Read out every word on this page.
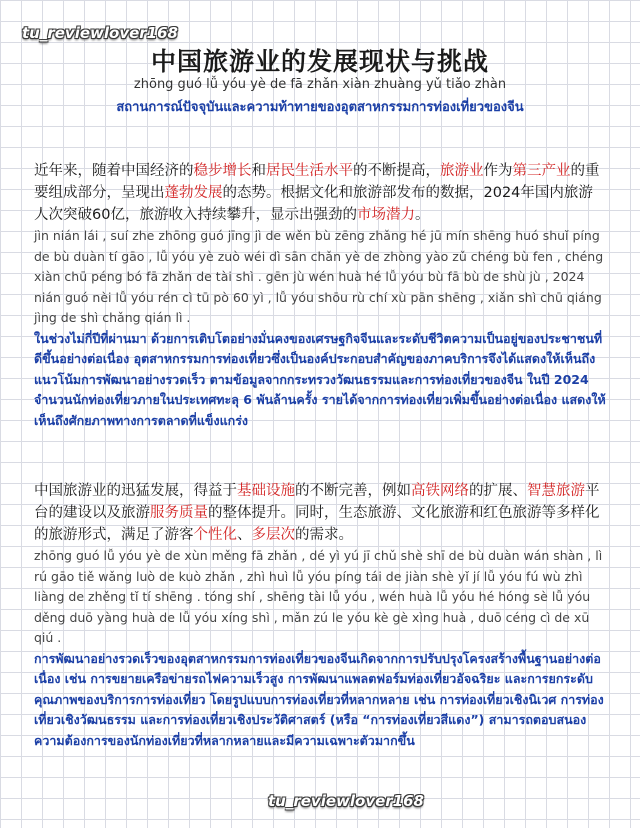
tu_reviewlover168
中国旅游业的发展现状与挑战
zhōng guó lǚ yóu yè de fā zhǎn xiàn zhuàng yǔ tiǎo zhàn
สถานการณ์ปัจจุบันและความท้าทายของอุตสาหกรรมการท่องเที่ยวของจีน
近年来，随着中国经济的稳步增长和居民生活水平的不断提高，旅游业作为第三产业的重要组成部分，呈现出蓬勃发展的态势。根据文化和旅游部发布的数据，2024年国内旅游人次突破60亿，旅游收入持续攀升，显示出强劲的市场潜力。
jìn nián lái , suí zhe zhōng guó jīng jì de wěn bù zēng zhǎng hé jū mín shēng huó shuǐ píng de bù duàn tí gāo , lǚ yóu yè zuò wéi dì sān chǎn yè de zhòng yào zǔ chéng bù fen , chéng xiàn chū péng bó fā zhǎn de tài shì . gēn jù wén huà hé lǚ yóu bù fā bù de shù jù , 2024 nián guó nèi lǚ yóu rén cì tū pò 60 yì , lǚ yóu shōu rù chí xù pān shēng , xiǎn shì chū qiáng jìng de shì chǎng qián lì .
ในช่วงไม่กี่ปีที่ผ่านมา ด้วยการเติบโตอย่างมั่นคงของเศรษฐกิจจีนและระดับชีวิตความเป็นอยู่ของประชาชนที่ดีขึ้นอย่างต่อเนื่อง อุตสาหกรรมการท่องเที่ยวซึ่งเป็นองค์ประกอบสำคัญของภาคบริการจึงได้แสดงให้เห็นถึงแนวโน้มการพัฒนาอย่างรวดเร็ว ตามข้อมูลจากกระทรวงวัฒนธรรมและการท่องเที่ยวของจีน ในปี 2024 จำนวนนักท่องเที่ยวภายในประเทศทะลุ 6 พันล้านครั้ง รายได้จากการท่องเที่ยวเพิ่มขึ้นอย่างต่อเนื่อง แสดงให้เห็นถึงศักยภาพทางการตลาดที่แข็งแกร่ง
中国旅游业的迅猛发展，得益于基础设施的不断完善，例如高铁网络的扩展、智慧旅游平台的建设以及旅游服务质量的整体提升。同时，生态旅游、文化旅游和红色旅游等多样化的旅游形式，满足了游客个性化、多层次的需求。
zhōng guó lǚ yóu yè de xùn měng fā zhǎn , dé yì yú jī chǔ shè shī de bù duàn wán shàn , lì rú gāo tiě wǎng luò de kuò zhǎn , zhì huì lǚ yóu píng tái de jiàn shè yǐ jí lǚ yóu fú wù zhì liàng de zhěng tǐ tí shēng . tóng shí , shēng tài lǚ yóu , wén huà lǚ yóu hé hóng sè lǚ yóu děng duō yàng huà de lǚ yóu xíng shì , mǎn zú le yóu kè gè xìng huà , duō céng cì de xū qiú .
การพัฒนาอย่างรวดเร็วของอุตสาหกรรมการท่องเที่ยวของจีนเกิดจากการปรับปรุงโครงสร้างพื้นฐานอย่างต่อเนื่อง เช่น การขยายเครือข่ายรถไฟความเร็วสูง การพัฒนาแพลตฟอร์มท่องเที่ยวอัจฉริยะ และการยกระดับคุณภาพของบริการการท่องเที่ยว โดยรูปแบบการท่องเที่ยวที่หลากหลาย เช่น การท่องเที่ยวเชิงนิเวศ การท่องเที่ยวเชิงวัฒนธรรม และการท่องเที่ยวเชิงประวัติศาสตร์ (หรือ “การท่องเที่ยวสีแดง”) สามารถตอบสนองความต้องการของนักท่องเที่ยวที่หลากหลายและมีความเฉพาะตัวมากขึ้น
tu_reviewlover168
